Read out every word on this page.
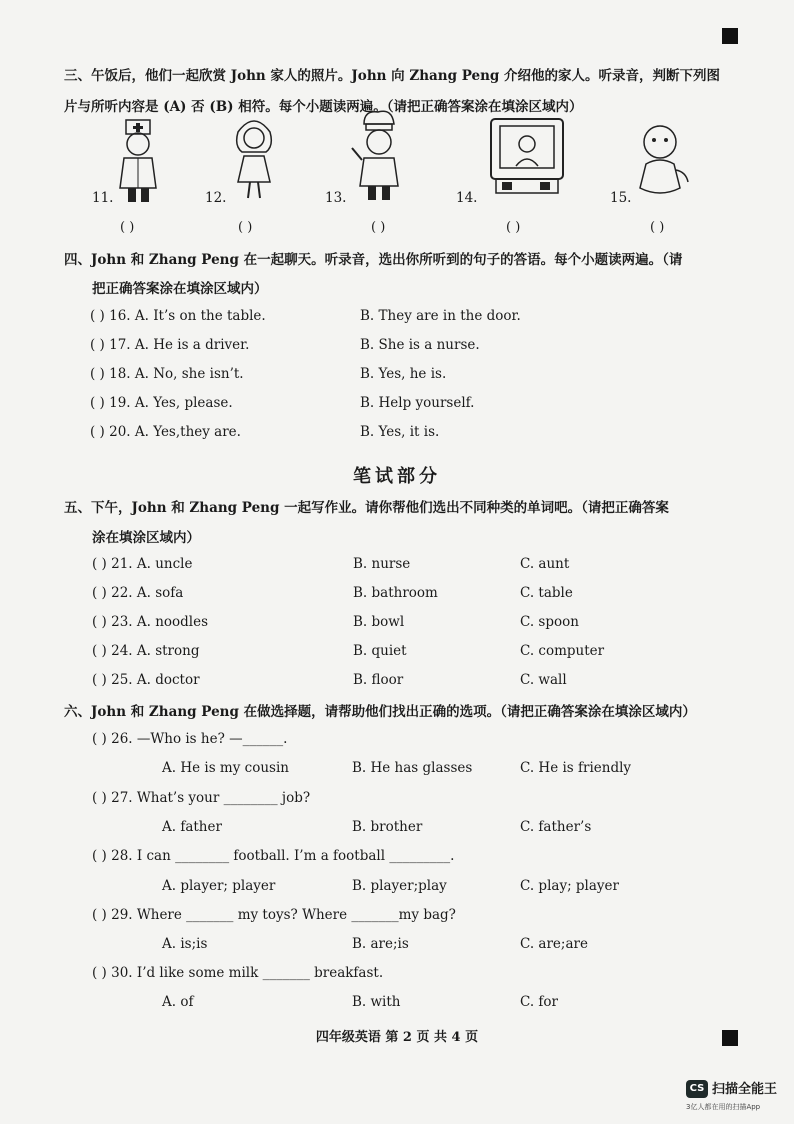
三、午饭后，他们一起欣赏 John 家人的照片。John 向 Zhang Peng 介绍他的家人。听录音，判断下列图
片与所听内容是 (A) 否 (B) 相符。每个小题读两遍。（请把正确答案涂在填涂区域内）
11.	12.	13.	14.	15.
( )	( )	( )	( )	( )
四、John 和 Zhang Peng 在一起聊天。听录音，选出你所听到的句子的答语。每个小题读两遍。（请
把正确答案涂在填涂区域内）
( ) 16. A. It’s on the table.	B. They are in the door.
( ) 17. A. He is a driver.	B. She is a nurse.
( ) 18. A. No, she isn’t.	B. Yes, he is.
( ) 19. A. Yes, please.	B. Help yourself.
( ) 20. A. Yes,they are.	B. Yes, it is.
笔试部分
五、下午，John 和 Zhang Peng 一起写作业。请你帮他们选出不同种类的单词吧。（请把正确答案
涂在填涂区域内）
( ) 21. A. uncle	B. nurse	C. aunt
( ) 22. A. sofa	B. bathroom	C. table
( ) 23. A. noodles	B. bowl	C. spoon
( ) 24. A. strong	B. quiet	C. computer
( ) 25. A. doctor	B. floor	C. wall
六、John 和 Zhang Peng 在做选择题，请帮助他们找出正确的选项。（请把正确答案涂在填涂区域内）
( ) 26. —Who is he? —______.
A. He is my cousin	B. He has glasses	C. He is friendly
( ) 27. What’s your ________ job?
A. father	B. brother	C. father’s
( ) 28. I can ________ football. I’m a football _________.
A. player; player	B. player;play	C. play; player
( ) 29. Where _______ my toys? Where _______my bag?
A. is;is	B. are;is	C. are;are
( ) 30. I’d like some milk _______ breakfast.
A. of	B. with	C. for
四年级英语 第 2 页 共 4 页
CS 扫描全能王
3亿人都在用的扫描App
